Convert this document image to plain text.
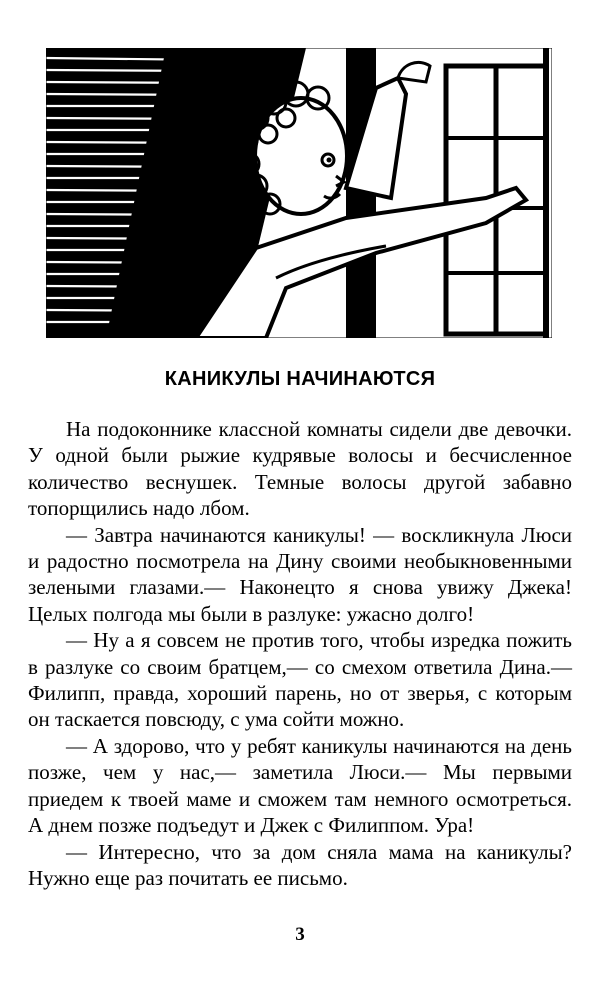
КАНИКУЛЫ НАЧИНАЮТСЯ

На подоконнике классной комнаты сидели две девочки. У одной были рыжие кудрявые волосы и бесчисленное количество веснушек. Темные волосы другой забавно топорщились надо лбом.

— Завтра начинаются каникулы! — воскликнула Люси и радостно посмотрела на Дину своими необыкновенными зелеными глазами.— Наконецто я снова увижу Джека! Целых полгода мы были в разлуке: ужасно долго!

— Ну а я совсем не против того, чтобы изредка пожить в разлуке со своим братцем,— со смехом ответила Дина.— Филипп, правда, хороший парень, но от зверья, с которым он таскается повсюду, с ума сойти можно.

— А здорово, что у ребят каникулы начинаются на день позже, чем у нас,— заметила Люси.— Мы первыми приедем к твоей маме и сможем там немного осмотреться. А днем позже подъедут и Джек с Филиппом. Ура!

— Интересно, что за дом сняла мама на каникулы? Нужно еще раз почитать ее письмо.

3
